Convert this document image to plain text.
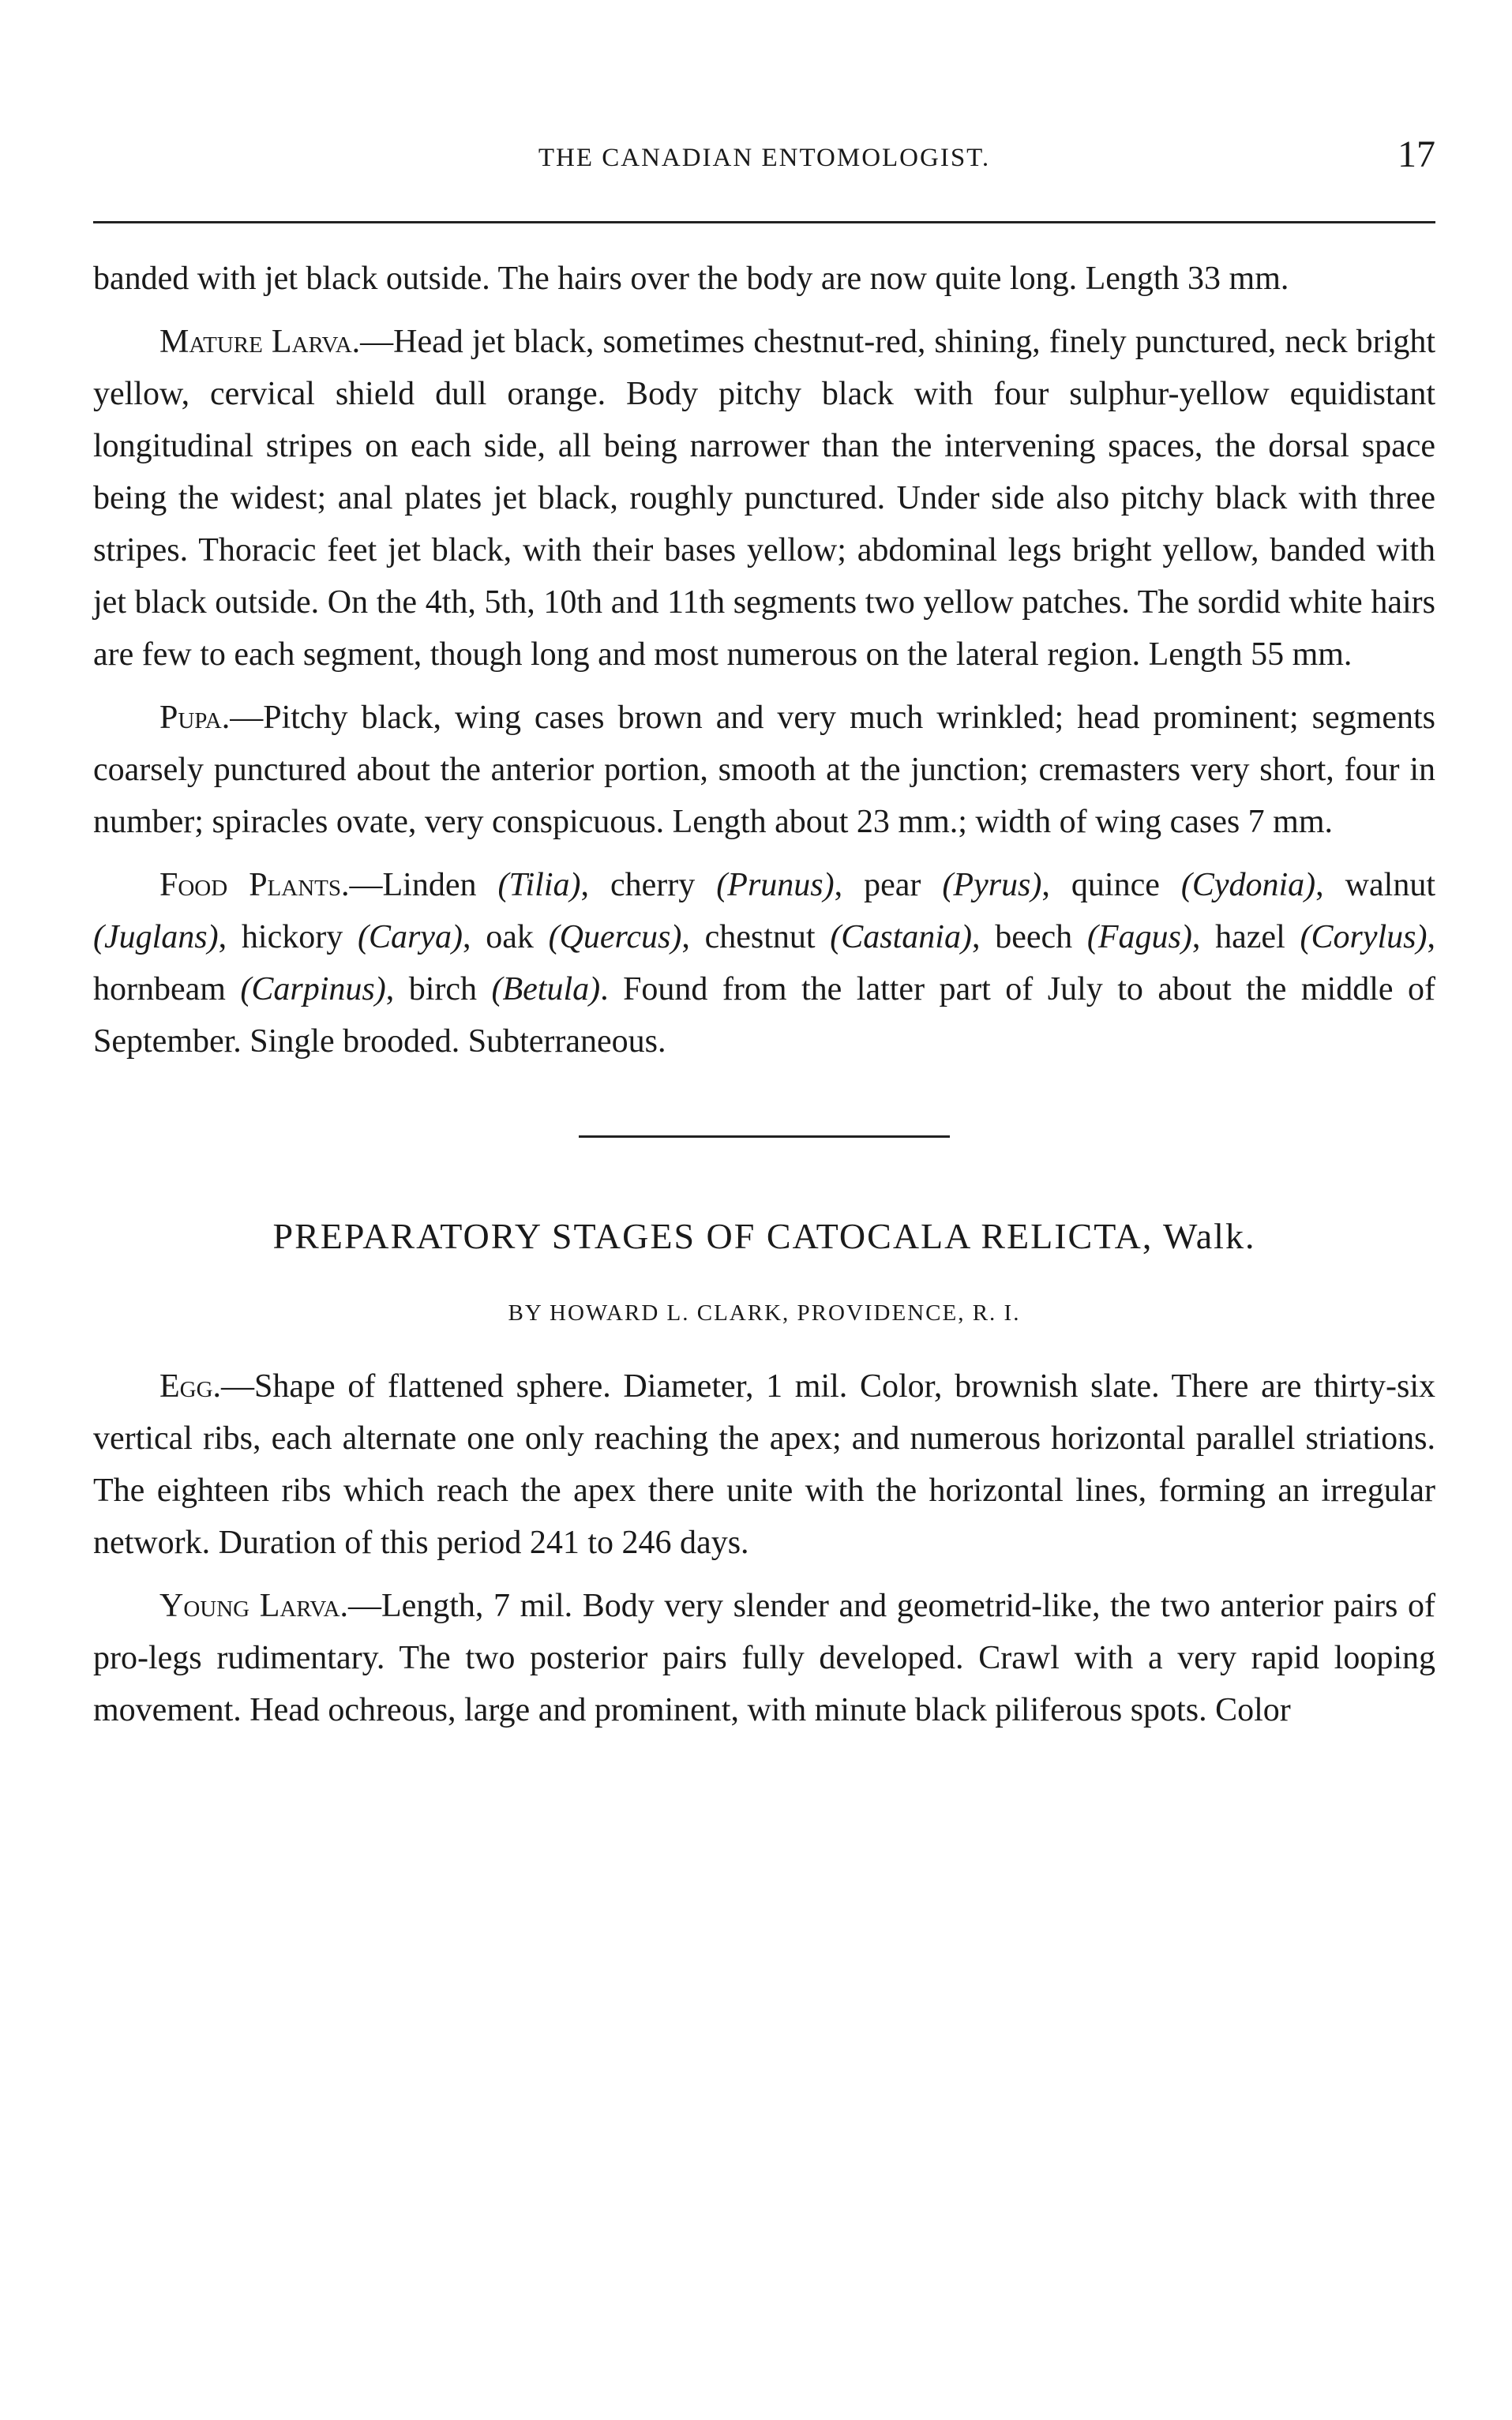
THE CANADIAN ENTOMOLOGIST.	17

banded with jet black outside. The hairs over the body are now quite long. Length 33 mm.

Mature Larva.—Head jet black, sometimes chestnut-red, shining, finely punctured, neck bright yellow, cervical shield dull orange. Body pitchy black with four sulphur-yellow equidistant longitudinal stripes on each side, all being narrower than the intervening spaces, the dorsal space being the widest; anal plates jet black, roughly punctured. Under side also pitchy black with three stripes. Thoracic feet jet black, with their bases yellow; abdominal legs bright yellow, banded with jet black outside. On the 4th, 5th, 10th and 11th segments two yellow patches. The sordid white hairs are few to each segment, though long and most numerous on the lateral region. Length 55 mm.

Pupa.—Pitchy black, wing cases brown and very much wrinkled; head prominent; segments coarsely punctured about the anterior portion, smooth at the junction; cremasters very short, four in number; spiracles ovate, very conspicuous. Length about 23 mm.; width of wing cases 7 mm.

Food Plants.—Linden (Tilia), cherry (Prunus), pear (Pyrus), quince (Cydonia), walnut (Juglans), hickory (Carya), oak (Quercus), chestnut (Castania), beech (Fagus), hazel (Corylus), hornbeam (Carpinus), birch (Betula). Found from the latter part of July to about the middle of September. Single brooded. Subterraneous.

PREPARATORY STAGES OF CATOCALA RELICTA, Walk.
BY HOWARD L. CLARK, PROVIDENCE, R. I.

Egg.—Shape of flattened sphere. Diameter, 1 mil. Color, brownish slate. There are thirty-six vertical ribs, each alternate one only reaching the apex; and numerous horizontal parallel striations. The eighteen ribs which reach the apex there unite with the horizontal lines, forming an irregular network. Duration of this period 241 to 246 days.

Young Larva.—Length, 7 mil. Body very slender and geometrid-like, the two anterior pairs of pro-legs rudimentary. The two posterior pairs fully developed. Crawl with a very rapid looping movement. Head ochreous, large and prominent, with minute black piliferous spots. Color
